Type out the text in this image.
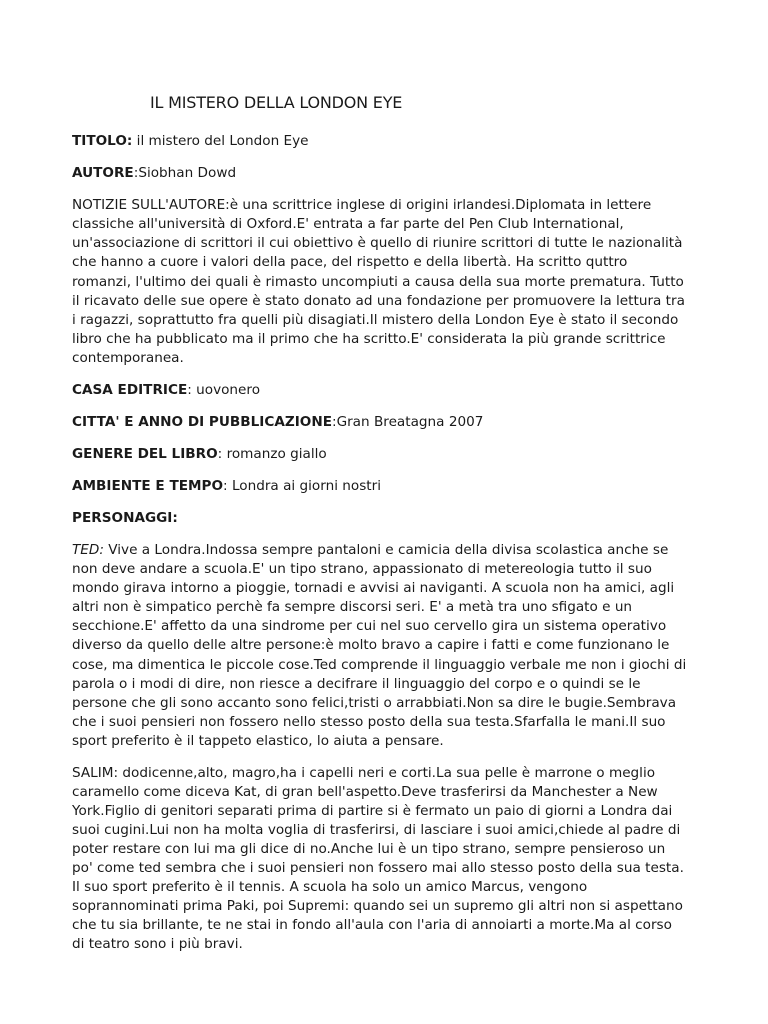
IL MISTERO DELLA LONDON EYE
TITOLO: il mistero del London Eye
AUTORE:Siobhan Dowd
NOTIZIE SULL'AUTORE:è una scrittrice inglese di origini irlandesi.Diplomata in lettere
classiche all'università di Oxford.E' entrata a far parte del Pen Club International,
un'associazione di scrittori il cui obiettivo è quello di riunire scrittori di tutte le nazionalità
che hanno a cuore i valori della pace, del rispetto e della libertà. Ha scritto quttro
romanzi, l'ultimo dei quali è rimasto uncompiuti a causa della sua morte prematura. Tutto
il ricavato delle sue opere è stato donato ad una fondazione per promuovere la lettura tra
i ragazzi, soprattutto fra quelli più disagiati.Il mistero della London Eye è stato il secondo
libro che ha pubblicato ma il primo che ha scritto.E' considerata la più grande scrittrice
contemporanea.
CASA EDITRICE: uovonero
CITTA' E ANNO DI PUBBLICAZIONE:Gran Breatagna 2007
GENERE DEL LIBRO: romanzo giallo
AMBIENTE E TEMPO: Londra ai giorni nostri
PERSONAGGI:
TED: Vive a Londra.Indossa sempre pantaloni e camicia della divisa scolastica anche se
non deve andare a scuola.E' un tipo strano, appassionato di metereologia tutto il suo
mondo girava intorno a pioggie, tornadi e avvisi ai naviganti. A scuola non ha amici, agli
altri non è simpatico perchè fa sempre discorsi seri. E' a metà tra uno sfigato e un
secchione.E' affetto da una sindrome per cui nel suo cervello gira un sistema operativo
diverso da quello delle altre persone:è molto bravo a capire i fatti e come funzionano le
cose, ma dimentica le piccole cose.Ted comprende il linguaggio verbale me non i giochi di
parola o i modi di dire, non riesce a decifrare il linguaggio del corpo e o quindi se le
persone che gli sono accanto sono felici,tristi o arrabbiati.Non sa dire le bugie.Sembrava
che i suoi pensieri non fossero nello stesso posto della sua testa.Sfarfalla le mani.Il suo
sport preferito è il tappeto elastico, lo aiuta a pensare.
SALIM: dodicenne,alto, magro,ha i capelli neri e corti.La sua pelle è marrone o meglio
caramello come diceva Kat, di gran bell'aspetto.Deve trasferirsi da Manchester a New
York.Figlio di genitori separati prima di partire si è fermato un paio di giorni a Londra dai
suoi cugini.Lui non ha molta voglia di trasferirsi, di lasciare i suoi amici,chiede al padre di
poter restare con lui ma gli dice di no.Anche lui è un tipo strano, sempre pensieroso un
po' come ted sembra che i suoi pensieri non fossero mai allo stesso posto della sua testa.
Il suo sport preferito è il tennis. A scuola ha solo un amico Marcus, vengono
soprannominati prima Paki, poi Supremi: quando sei un supremo gli altri non si aspettano
che tu sia brillante, te ne stai in fondo all'aula con l'aria di annoiarti a morte.Ma al corso
di teatro sono i più bravi.
